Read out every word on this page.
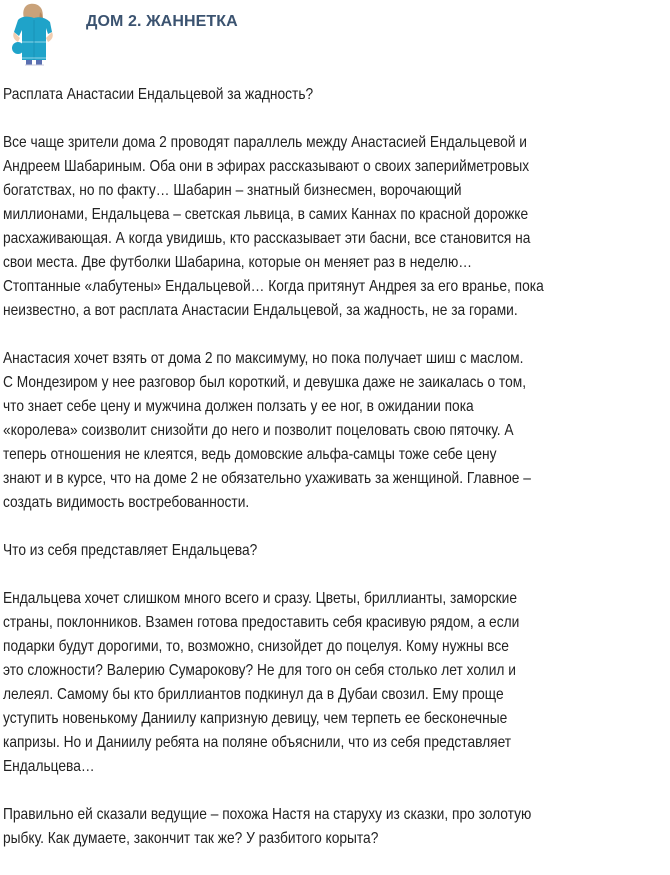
ДОМ 2. ЖАННЕТКА
Расплата Анастасии Ендальцевой за жадность?
Все чаще зрители дома 2 проводят параллель между Анастасией Ендальцевой и
Андреем Шабариным. Оба они в эфирах рассказывают о своих заперийметровых
богатствах, но по факту… Шабарин – знатный бизнесмен, ворочающий
миллионами, Ендальцева – светская львица, в самих Каннах по красной дорожке
расхаживающая. А когда увидишь, кто рассказывает эти басни, все становится на
свои места. Две футболки Шабарина, которые он меняет раз в неделю…
Стоптанные «лабутены» Ендальцевой… Когда притянут Андрея за его вранье, пока
неизвестно, а вот расплата Анастасии Ендальцевой, за жадность, не за горами.
Анастасия хочет взять от дома 2 по максимуму, но пока получает шиш с маслом.
С Мондезиром у нее разговор был короткий, и девушка даже не заикалась о том,
что знает себе цену и мужчина должен ползать у ее ног, в ожидании пока
«королева» соизволит снизойти до него и позволит поцеловать свою пяточку. А
теперь отношения не клеятся, ведь домовские альфа-самцы тоже себе цену
знают и в курсе, что на доме 2 не обязательно ухаживать за женщиной. Главное –
создать видимость востребованности.
Что из себя представляет Ендальцева?
Ендальцева хочет слишком много всего и сразу. Цветы, бриллианты, заморские
страны, поклонников. Взамен готова предоставить себя красивую рядом, а если
подарки будут дорогими, то, возможно, снизойдет до поцелуя. Кому нужны все
это сложности? Валерию Сумарокову? Не для того он себя столько лет холил и
лелеял. Самому бы кто бриллиантов подкинул да в Дубаи свозил. Ему проще
уступить новенькому Даниилу капризную девицу, чем терпеть ее бесконечные
капризы. Но и Даниилу ребята на поляне объяснили, что из себя представляет
Ендальцева…
Правильно ей сказали ведущие – похожа Настя на старуху из сказки, про золотую
рыбку. Как думаете, закончит так же? У разбитого корыта?
